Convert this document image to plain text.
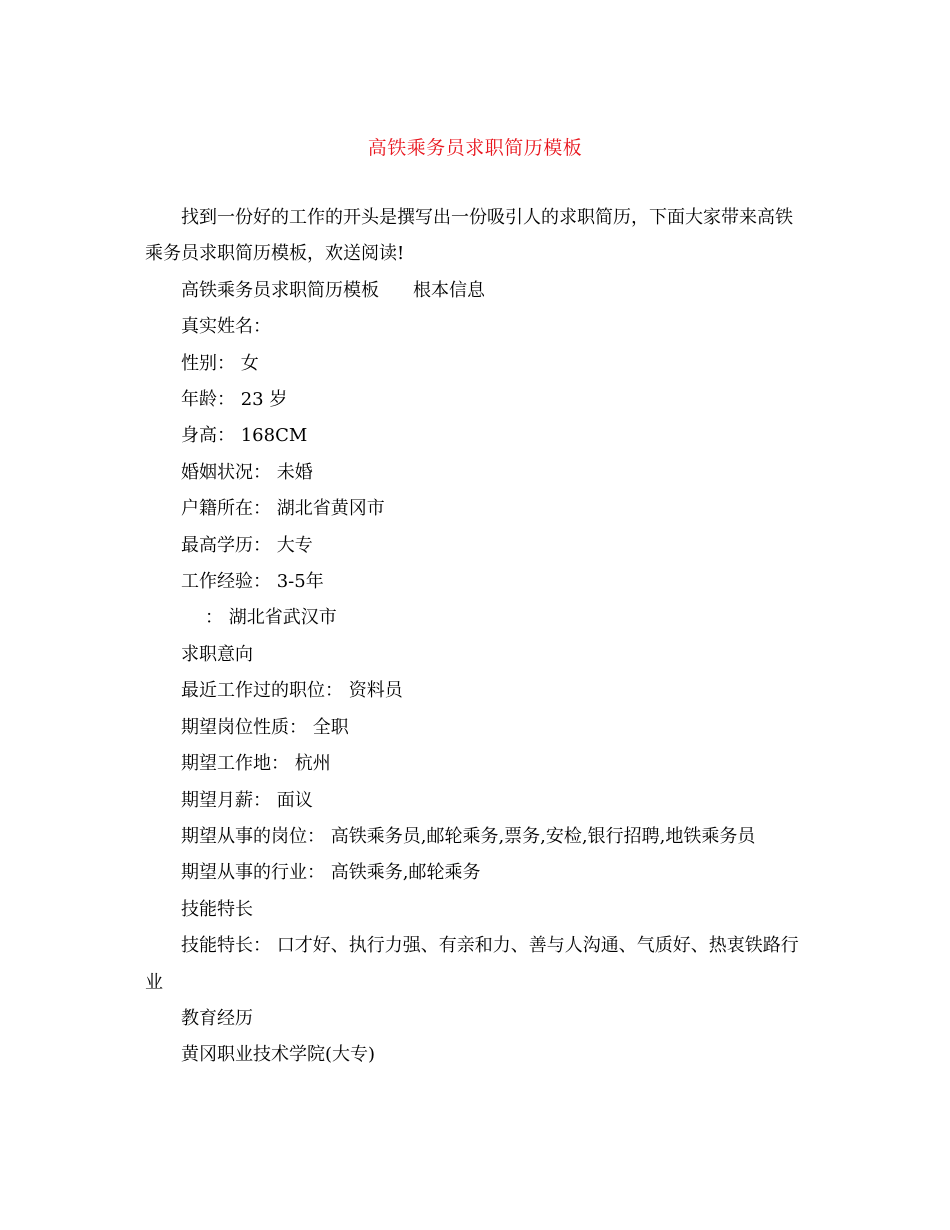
高铁乘务员求职简历模板

找到一份好的工作的开头是撰写出一份吸引人的求职简历，下面大家带来高铁乘务员求职简历模板，欢送阅读!

高铁乘务员求职简历模板 根本信息

真实姓名：

性别： 女

年龄： 23 岁

身高： 168CM

婚姻状况： 未婚

户籍所在： 湖北省黄冈市

最高学历： 大专

工作经验： 3-5年

： 湖北省武汉市

求职意向

最近工作过的职位： 资料员

期望岗位性质： 全职

期望工作地： 杭州

期望月薪： 面议

期望从事的岗位： 高铁乘务员,邮轮乘务,票务,安检,银行招聘,地铁乘务员

期望从事的行业： 高铁乘务,邮轮乘务

技能特长

技能特长： 口才好、执行力强、有亲和力、善与人沟通、气质好、热衷铁路行业

教育经历

黄冈职业技术学院(大专)
